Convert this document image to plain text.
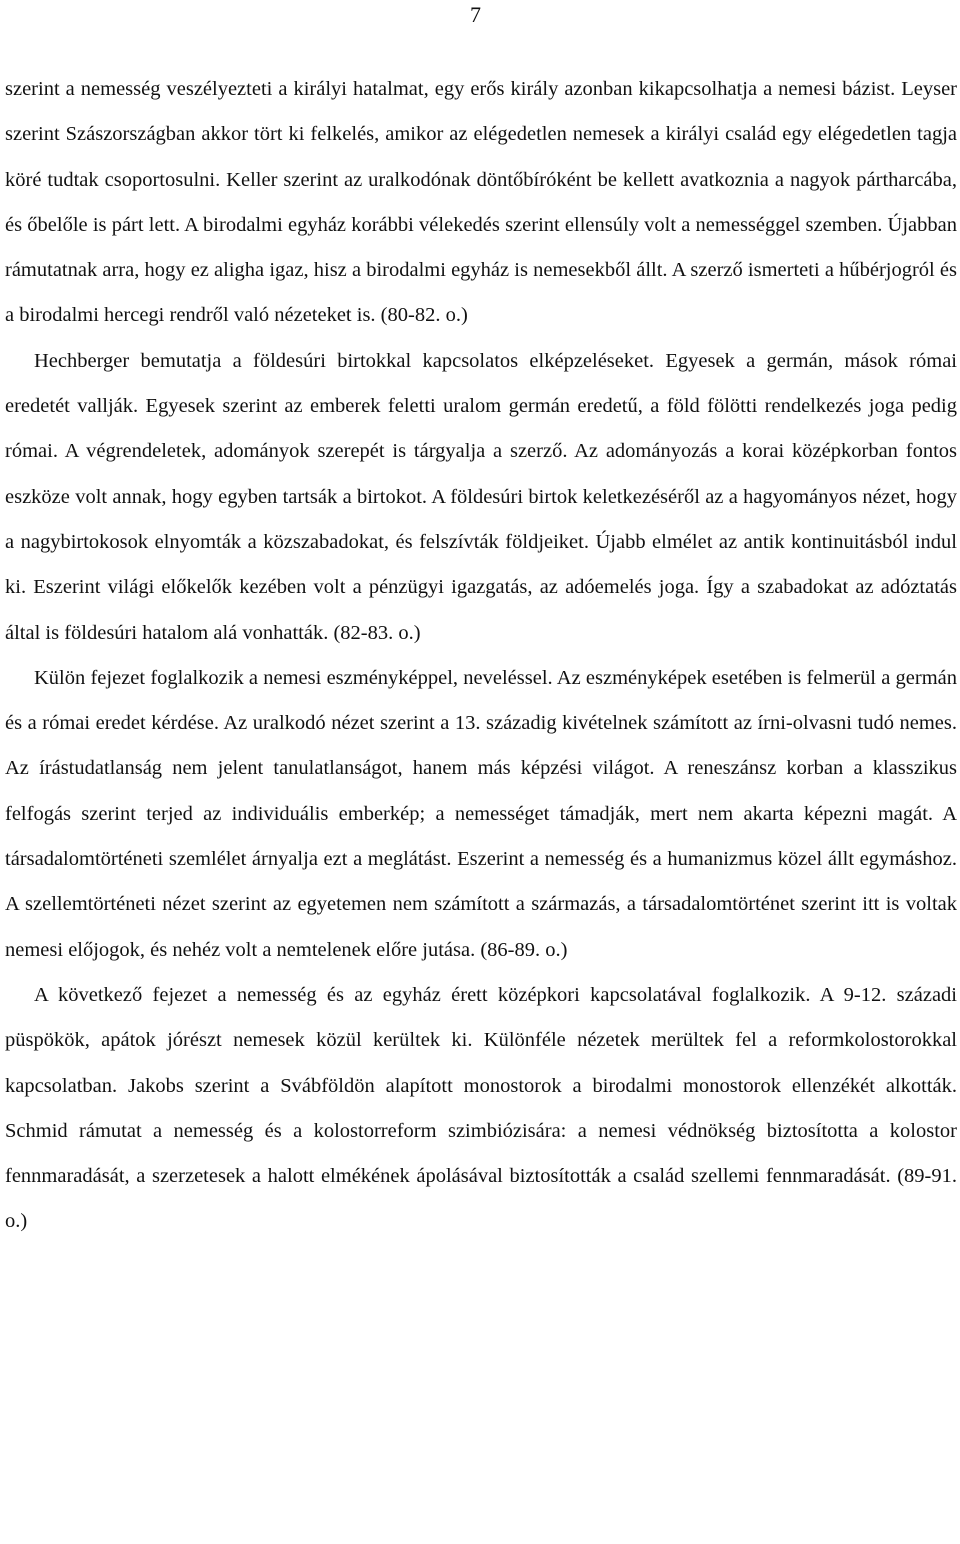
7

szerint a nemesség veszélyezteti a királyi hatalmat, egy erős király azonban kikapcsolhatja a nemesi bázist. Leyser szerint Szászországban akkor tört ki felkelés, amikor az elégedetlen nemesek a királyi család egy elégedetlen tagja köré tudtak csoportosulni. Keller szerint az uralkodónak döntőbíróként be kellett avatkoznia a nagyok pártharcába, és őbelőle is párt lett. A birodalmi egyház korábbi vélekedés szerint ellensúly volt a nemességgel szemben. Újabban rámutatnak arra, hogy ez aligha igaz, hisz a birodalmi egyház is nemesekből állt. A szerző ismerteti a hűbérjogról és a birodalmi hercegi rendről való nézeteket is. (80-82. o.)

Hechberger bemutatja a földesúri birtokkal kapcsolatos elképzeléseket. Egyesek a germán, mások római eredetét vallják. Egyesek szerint az emberek feletti uralom germán eredetű, a föld fölötti rendelkezés joga pedig római. A végrendeletek, adományok szerepét is tárgyalja a szerző. Az adományozás a korai középkorban fontos eszköze volt annak, hogy egyben tartsák a birtokot. A földesúri birtok keletkezéséről az a hagyományos nézet, hogy a nagybirtokosok elnyomták a közszabadokat, és felszívták földjeiket. Újabb elmélet az antik kontinuitásból indul ki. Eszerint világi előkelők kezében volt a pénzügyi igazgatás, az adóemelés joga. Így a szabadokat az adóztatás által is földesúri hatalom alá vonhatták. (82-83. o.)

Külön fejezet foglalkozik a nemesi eszményképpel, neveléssel. Az eszményképek esetében is felmerül a germán és a római eredet kérdése. Az uralkodó nézet szerint a 13. századig kivételnek számított az írni-olvasni tudó nemes. Az írástudatlanság nem jelent tanulatlanságot, hanem más képzési világot. A reneszánsz korban a klasszikus felfogás szerint terjed az individuális emberkép; a nemességet támadják, mert nem akarta képezni magát. A társadalomtörténeti szemlélet árnyalja ezt a meglátást. Eszerint a nemesség és a humanizmus közel állt egymáshoz. A szellemtörténeti nézet szerint az egyetemen nem számított a származás, a társadalomtörténet szerint itt is voltak nemesi előjogok, és nehéz volt a nemtelenek előre jutása. (86-89. o.)

A következő fejezet a nemesség és az egyház érett középkori kapcsolatával foglalkozik. A 9-12. századi püspökök, apátok jórészt nemesek közül kerültek ki. Különféle nézetek merültek fel a reformkolostorokkal kapcsolatban. Jakobs szerint a Svábföldön alapított monostorok a birodalmi monostorok ellenzékét alkották. Schmid rámutat a nemesség és a kolostorreform szimbiózisára: a nemesi védnökség biztosította a kolostor fennmaradását, a szerzetesek a halott elmékének ápolásával biztosították a család szellemi fennmaradását. (89-91. o.)
